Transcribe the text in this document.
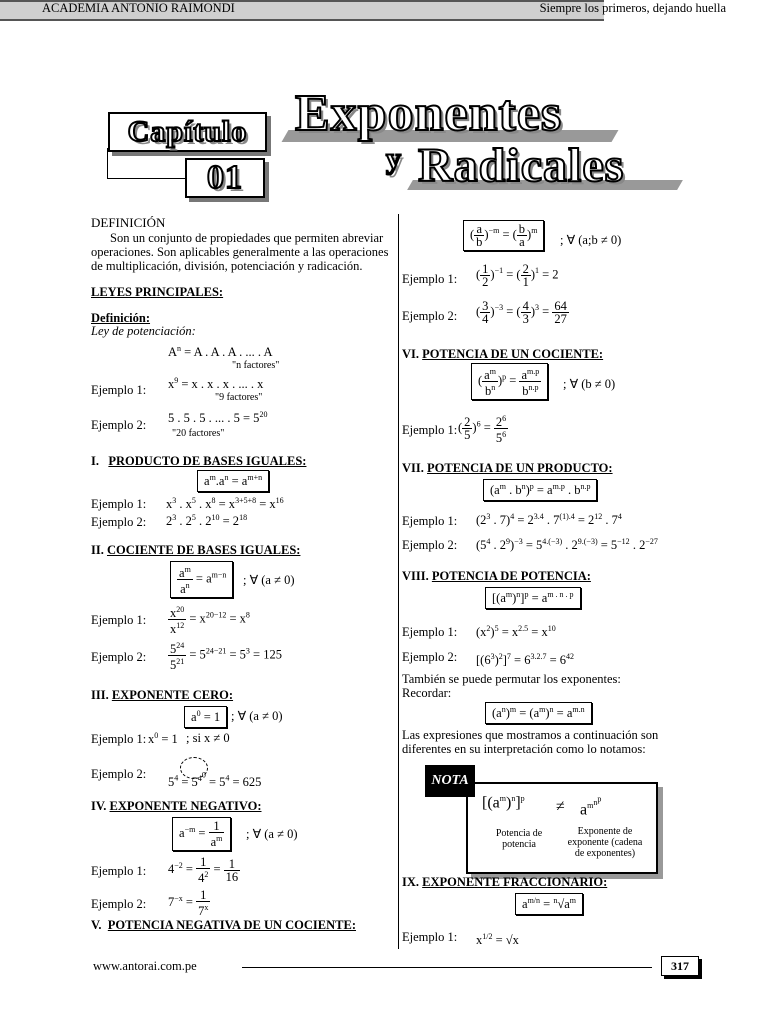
ACADEMIA ANTONIO RAIMONDI	Siempre los primeros, dejando huella
Capítulo
01
Exponentes
y Radicales
DEFINICIÓN
Son un conjunto de propiedades que permiten abreviar
operaciones. Son aplicables generalmente a las operaciones
de multiplicación, división, potenciación y radicación.
LEYES PRINCIPALES:
Definición:
Ley de potenciación:
$A^n = A$ . A . A . ... . A
"n factores"
Ejemplo 1: $x^9 = x$ . x . x . ... . x
"9 factores"
Ejemplo 2: 5 . 5 . 5 . ... . $5 = 5^{20}$
"20 factores"
I. PRODUCTO DE BASES IGUALES:
$a^m.a^n = a^{m+n}$
Ejemplo 1: $x^3$ . $x^5$ . $x^8 = x^{3+5+8} = x^{16}$
Ejemplo 2: $2^3$ . $2^5$ . $2^{10} = 2^{18}$
II. COCIENTE DE BASES IGUALES:
$\frac{a^m}{a^n} = a^{m-n}$	; ∀ (a ≠ 0)
Ejemplo 1: $\frac{x^{20}}{x^{12}} = x^{20-12} = x^8$
Ejemplo 2: $\frac{5^{24}}{5^{21}} = 5^{24-21} = 5^3 = 125$
III. EXPONENTE CERO:
$a^0 = 1$ ; ∀ (a ≠ 0)
Ejemplo 1: $x^0 = 1$ ; si x ≠ 0
Ejemplo 2:
$5^4 = 5^{4^0} = 5^4 = 625$
IV. EXPONENTE NEGATIVO:
$a^{-m} = \frac{1}{a^m}$ ; ∀ (a ≠ 0)
Ejemplo 1: $4^{-2} = \frac{1}{4^2} = \frac{1}{16}$
Ejemplo 2: $7^{-x} = \frac{1}{7^x}$
V. POTENCIA NEGATIVA DE UN COCIENTE:
( $\frac{a}{b} )^{-m}$ = ( $\frac{b}{a} )^m$
; ∀ (a;b ≠ 0)
Ejemplo 1: ( $\frac{1}{2} )^{-1}$ = ( $\frac{2}{1} )^1 = 2$
Ejemplo 2: ( $\frac{3}{4} )^{-3}$ = ( $\frac{4}{3} )^3 = \frac{64}{27}$
VI. POTENCIA DE UN COCIENTE:
( $\frac{a^m}{b^n} )^p = \frac{a^{m.p}}{b^{n.p}}$ ; ∀ (b ≠ 0)
Ejemplo 1: ( $\frac{2}{5} )^6 = \frac{2^6}{5^6}$
VII. POTENCIA DE UN PRODUCTO:
($a^m$ . $b^n)^p = a^{m.p}$ . $b^{n.p}$
Ejemplo 1: ($2^3$ . $7)^4 = 2^{3.4}$ . $7^{(1).4} = 2^{12}$ . $7^4$
Ejemplo 2: ($5^4$ . $2^9)^{-3} = 5^{4.(-3)}$ . $2^{9.(-3)} = 5^{-12}$ . $2^{-27}$
VIII. POTENCIA DE POTENCIA:
$[(a^m)^n]^p = a^{m . n . p}$
Ejemplo 1: $(x^2)^5 = x^{2.5} = x^{10}$
Ejemplo 2: $[(6^3)^2]^7 = 6^{3.2.7} = 6^{42}$
También se puede permutar los exponentes:
Recordar:
$(a^n)^m = (a^m)^n = a^{m.n}$
Las expresiones que mostramos a continuación son
diferentes en su interpretación como lo notamos:
$[(a^m)^n]^p \ne a^{m^{n^p}}$
Potencia de potencia
Exponente de exponente (cadena de exponentes)
NOTA
IX. EXPONENTE FRACCIONARIO:
$a^{m/n} = ^n√a^m$
Ejemplo 1: $x^{1/2} = √x$
www.antorai.com.pe	317
